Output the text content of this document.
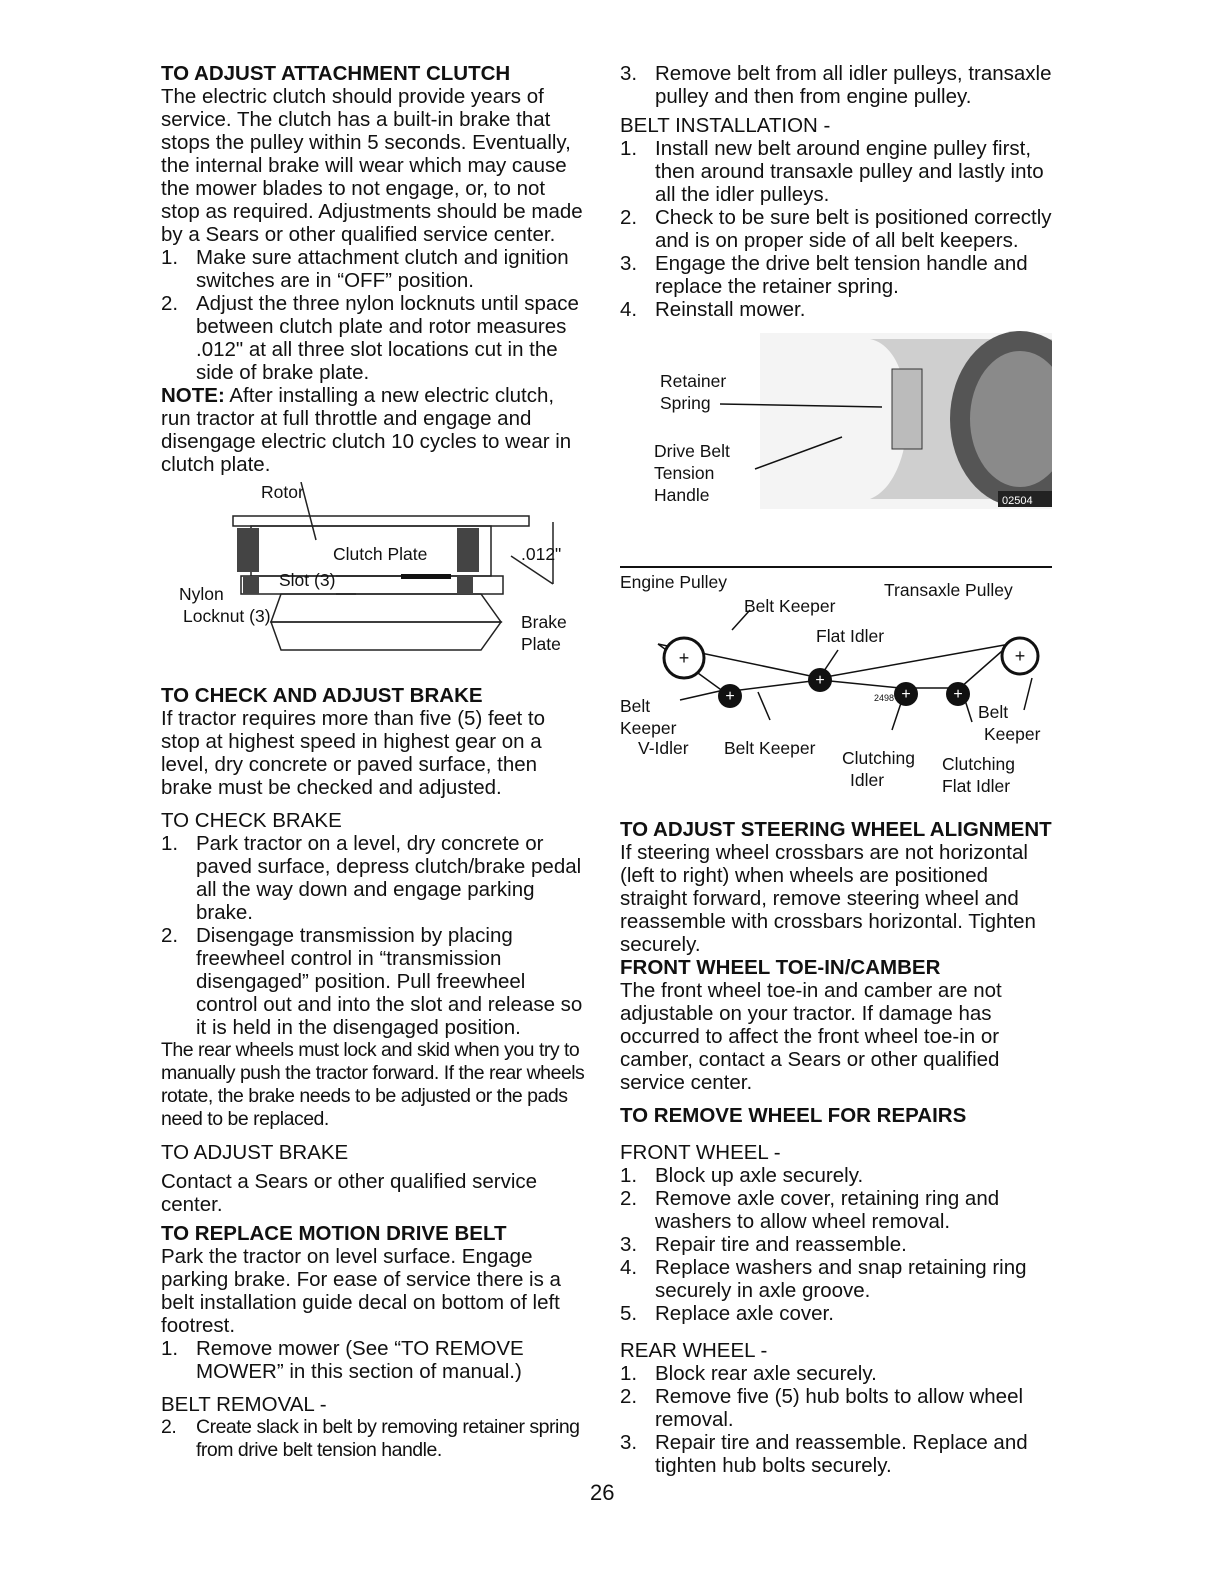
TO ADJUST ATTACHMENT CLUTCH

The electric clutch should provide years of service. The clutch has a built-in brake that stops the pulley within 5 seconds. Eventually, the internal brake will wear which may cause the mower blades to not engage, or, to not stop as required. Adjustments should be made by a Sears or other qualified service center.

1. Make sure attachment clutch and ignition switches are in “OFF” position.
2. Adjust the three nylon locknuts until space between clutch plate and rotor measures .012" at all three slot locations cut in the side of brake plate.

NOTE: After installing a new electric clutch, run tractor at full throttle and engage and disengage electric clutch 10 cycles to wear in clutch plate.

Rotor
Clutch Plate	.012"
Slot (3)
Nylon
Locknut (3)	Brake
Plate

TO CHECK AND ADJUST BRAKE

If tractor requires more than five (5) feet to stop at highest speed in highest gear on a level, dry concrete or paved surface, then brake must be checked and adjusted.

TO CHECK BRAKE

1. Park tractor on a level, dry concrete or paved surface, depress clutch/brake pedal all the way down and engage parking brake.
2. Disengage transmission by placing freewheel control in “transmission disengaged” position. Pull freewheel control out and into the slot and release so it is held in the disengaged position.

The rear wheels must lock and skid when you try to manually push the tractor forward. If the rear wheels rotate, the brake needs to be adjusted or the pads need to be replaced.

TO ADJUST BRAKE

Contact a Sears or other qualified service center.

TO REPLACE MOTION DRIVE BELT

Park the tractor on level surface. Engage parking brake. For ease of service there is a belt installation guide decal on bottom of left footrest.

1. Remove mower (See “TO REMOVE MOWER” in this section of manual.)

BELT REMOVAL -

2. Create slack in belt by removing retainer spring from drive belt tension handle.
3. Remove belt from all idler pulleys, transaxle pulley and then from engine pulley.

BELT INSTALLATION -

1. Install new belt around engine pulley first, then around transaxle pulley and lastly into all the idler pulleys.
2. Check to be sure belt is positioned correctly and is on proper side of all belt keepers.
3. Engage the drive belt tension handle and replace the retainer spring.
4. Reinstall mower.
Retainer
Spring
Drive Belt
Tension
Handle	02504
+
+
+	+
+	+
Engine Pulley	Transaxle Pulley
Belt Keeper
Flat Idler
Belt
Keeper
V-Idler Belt Keeper Clutching
Idler
Clutching
Flat Idler
Belt
Keeper
2498

TO ADJUST STEERING WHEEL ALIGNMENT

If steering wheel crossbars are not horizontal (left to right) when wheels are positioned straight forward, remove steering wheel and reassemble with crossbars horizontal. Tighten securely.

FRONT WHEEL TOE-IN/CAMBER

The front wheel toe-in and camber are not adjustable on your tractor. If damage has occurred to affect the front wheel toe-in or camber, contact a Sears or other qualified service center.

TO REMOVE WHEEL FOR REPAIRS

FRONT WHEEL -

1. Block up axle securely.
2. Remove axle cover, retaining ring and washers to allow wheel removal.
3. Repair tire and reassemble.
4. Replace washers and snap retaining ring securely in axle groove.
5. Replace axle cover.

REAR WHEEL -

1. Block rear axle securely.
2. Remove five (5) hub bolts to allow wheel removal.
3. Repair tire and reassemble. Replace and tighten hub bolts securely.
26
